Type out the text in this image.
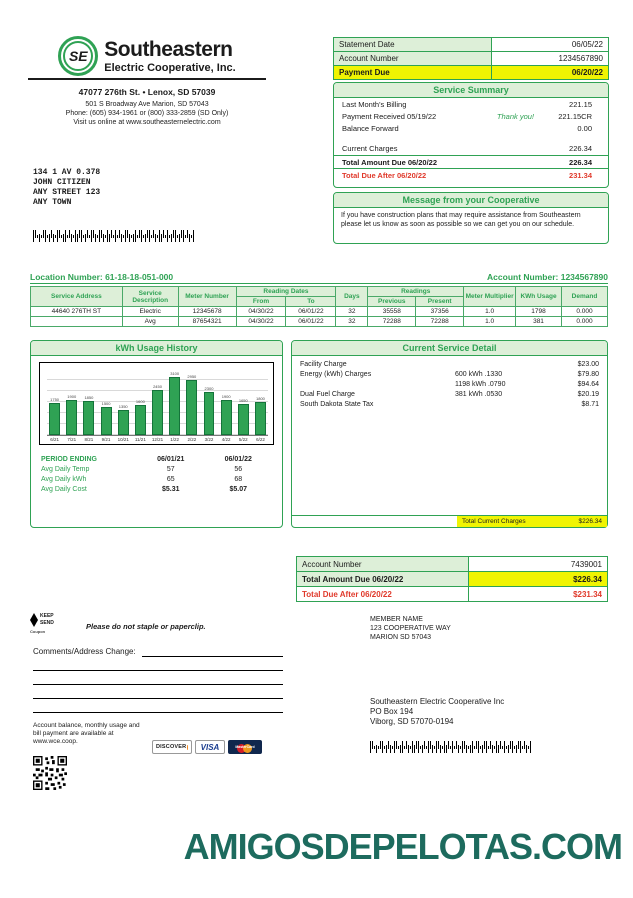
SE Southeastern
Electric Cooperative, Inc.
47077 276th St. • Lenox, SD 57039
501 S Broadway Ave Marion, SD 57043
Phone: (605) 934-1961 or (800) 333-2859 (SD Only)
Visit us online at www.southeasternelectric.com
Statement Date	06/05/22
Account Number	1234567890
Payment Due	06/20/22
Service Summary
Last Month's Billing	221.15
Payment Received 05/19/22	Thank you!	221.15CR
Balance Forward	0.00
Current Charges	226.34
Total Amount Due 06/20/22	226.34
Total Due After 06/20/22	231.34
Message from your Cooperative
If you have construction plans that may require assistance from Southeastern please let us know as soon as possible so we can get you on our schedule.
134 1 AV 0.378
JOHN CITIZEN
ANY STREET 123
ANY TOWN
Location Number: 61-18-18-051-000	Account Number: 1234567890
Service Address	Service Description	Meter Number	Reading Dates		Days	Readings		Meter Multiplier	KWh Usage	Demand
			From	To		Previous	Present			
44640 276TH ST	Electric	12345678	04/30/22	06/01/22	32	35558	37356	1.0	1798	0.000
	Avg	87654321	04/30/22	06/01/22	32	72288	72288	1.0	381	0.000
kWh Usage History
1750
1900 1850
1500
1350
1600
2450
3100
2950
2300
1900
1650
1800
6/21	7/21	8/21	9/21	10/21	11/21	12/21	1/22	2/22	3/22	4/22	5/22	6/22
PERIOD ENDING	06/01/21	06/01/22
Avg Daily Temp	57	56
Avg Daily kWh	65	68
Avg Daily Cost	$5.31	$5.07
Current Service Detail
Facility Charge	$23.00
Energy (kWh) Charges	600 kWh .1330	$79.80
1198 kWh .0790	$94.64
Dual Fuel Charge	381 kWh .0530	$20.19
South Dakota State Tax	$8.71
Total Current Charges	$226.34
Account Number	7439001
Total Amount Due 06/20/22	$226.34
Total Due After 06/20/22	$231.34
KEEP
SEND
Coupon
Please do not staple or paperclip.
Comments/Address Change:
Account balance, monthly usage and bill payment are available at www.wce.coop.
DISCOVER	VISA	MasterCard
MEMBER NAME
123 COOPERATIVE WAY
MARION SD 57043
Southeastern Electric Cooperative Inc
PO Box 194
Viborg, SD 57070-0194
AMIGOSDEPELOTAS.COM
